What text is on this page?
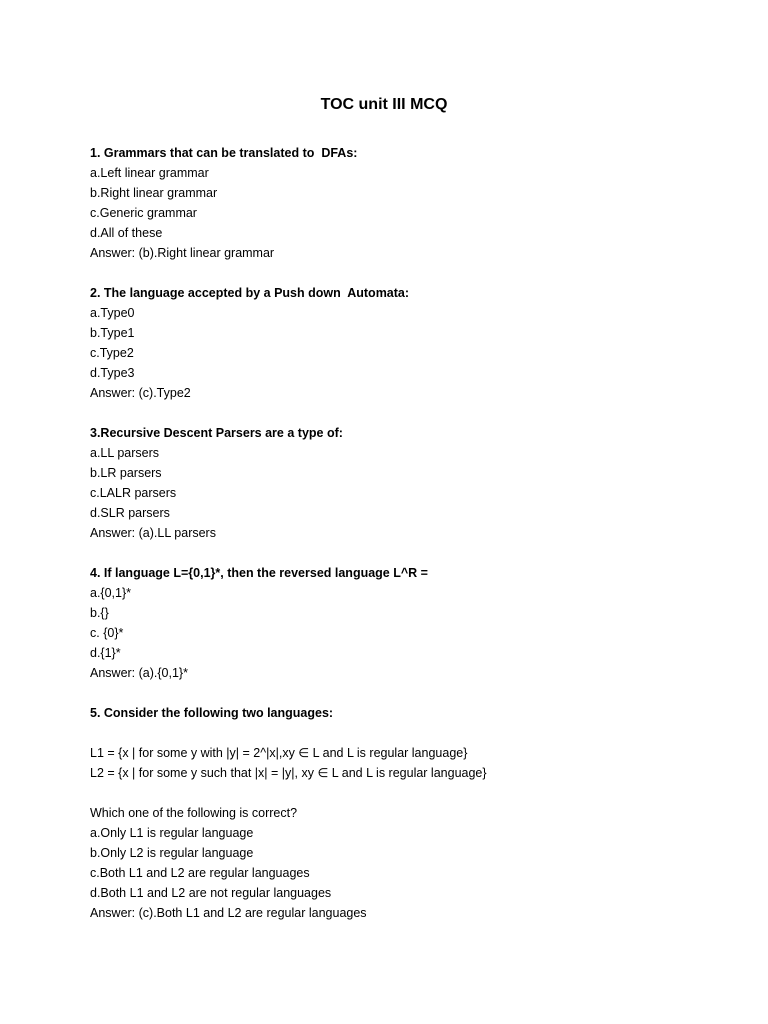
TOC unit III MCQ
1. Grammars that can be translated to  DFAs:
a.Left linear grammar
b.Right linear grammar
c.Generic grammar
d.All of these
Answer: (b).Right linear grammar
2. The language accepted by a Push down  Automata:
a.Type0
b.Type1
c.Type2
d.Type3
Answer: (c).Type2
3.Recursive Descent Parsers are a type of:
a.LL parsers
b.LR parsers
c.LALR parsers
d.SLR parsers
Answer: (a).LL parsers
4. If language L={0,1}*, then the reversed language L^R =
a.{0,1}*
b.{}
c. {0}*
d.{1}*
Answer: (a).{0,1}*
5. Consider the following two languages:
L1 = {x | for some y with |y| = 2^|x|,xy ∈ L and L is regular language}
L2 = {x | for some y such that |x| = |y|, xy ∈ L and L is regular language}
Which one of the following is correct?
a.Only L1 is regular language
b.Only L2 is regular language
c.Both L1 and L2 are regular languages
d.Both L1 and L2 are not regular languages
Answer: (c).Both L1 and L2 are regular languages
